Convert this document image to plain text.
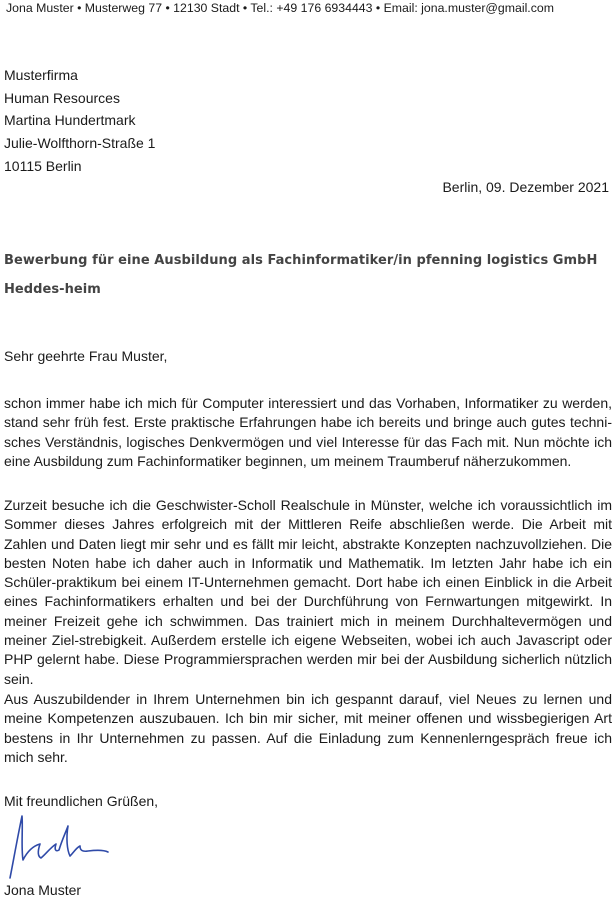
Jona Muster • Musterweg 77 • 12130 Stadt • Tel.: +49 176 6934443 • Email: jona.muster@gmail.com
Musterfirma
Human Resources
Martina Hundertmark
Julie-Wolfthorn-Straße 1
10115 Berlin
Berlin, 09. Dezember 2021
Bewerbung für eine Ausbildung als Fachinformatiker/in pfenning logistics GmbH Heddes-heim
Sehr geehrte Frau Muster,
schon immer habe ich mich für Computer interessiert und das Vorhaben, Informatiker zu werden, stand sehr früh fest. Erste praktische Erfahrungen habe ich bereits und bringe auch gutes techni-sches Verständnis, logisches Denkvermögen und viel Interesse für das Fach mit. Nun möchte ich eine Ausbildung zum Fachinformatiker beginnen, um meinem Traumberuf näherzukommen.
Zurzeit besuche ich die Geschwister-Scholl Realschule in Münster, welche ich voraussichtlich im Sommer dieses Jahres erfolgreich mit der Mittleren Reife abschließen werde. Die Arbeit mit Zahlen und Daten liegt mir sehr und es fällt mir leicht, abstrakte Konzepten nachzuvollziehen. Die besten Noten habe ich daher auch in Informatik und Mathematik. Im letzten Jahr habe ich ein Schüler-praktikum bei einem IT-Unternehmen gemacht. Dort habe ich einen Einblick in die Arbeit eines Fachinformatikers erhalten und bei der Durchführung von Fernwartungen mitgewirkt. In meiner Freizeit gehe ich schwimmen. Das trainiert mich in meinem Durchhaltevermögen und meiner Ziel-strebigkeit. Außerdem erstelle ich eigene Webseiten, wobei ich auch Javascript oder PHP gelernt habe. Diese Programmiersprachen werden mir bei der Ausbildung sicherlich nützlich sein.
Aus Auszubildender in Ihrem Unternehmen bin ich gespannt darauf, viel Neues zu lernen und meine Kompetenzen auszubauen. Ich bin mir sicher, mit meiner offenen und wissbegierigen Art bestens in Ihr Unternehmen zu passen. Auf die Einladung zum Kennenlerngespräch freue ich mich sehr.
Mit freundlichen Grüßen,
Jona Muster
